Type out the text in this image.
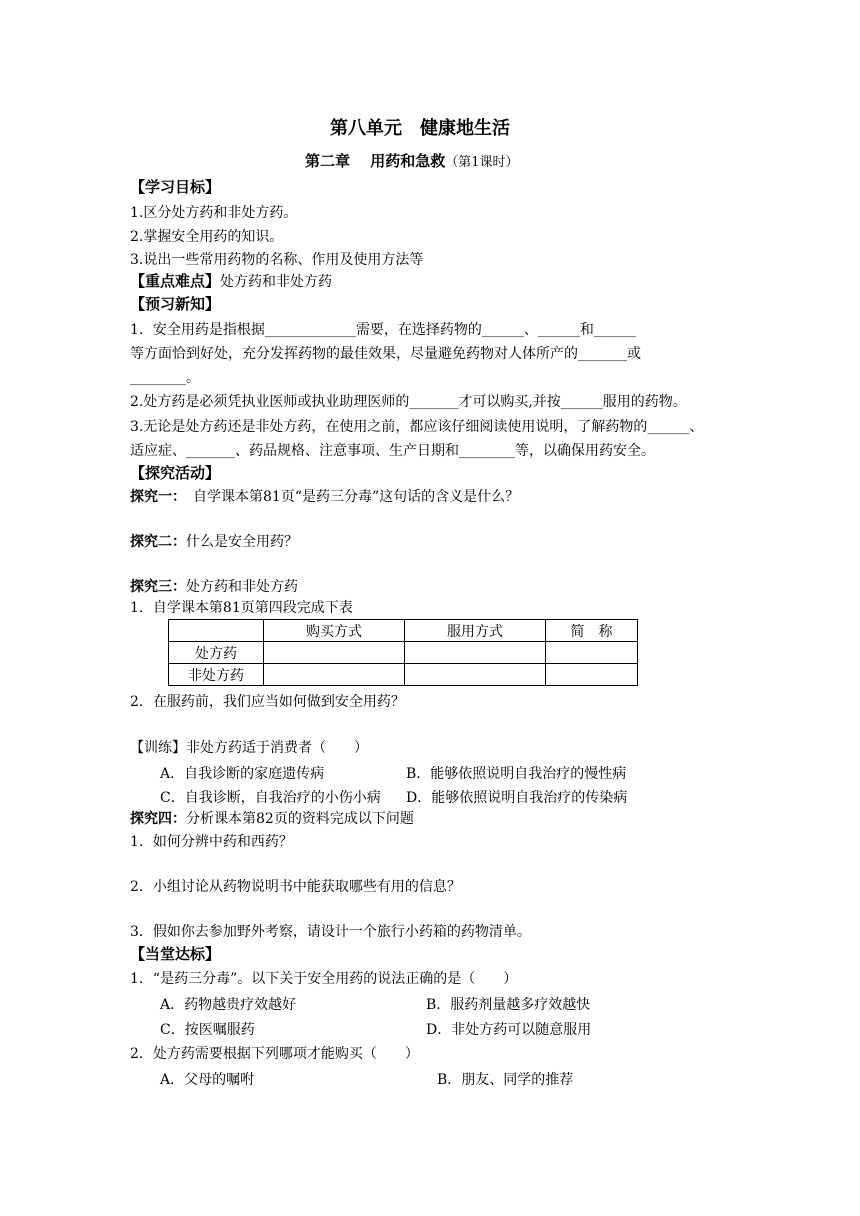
第八单元　健康地生活
第二章　 用药和急救（第1课时）
【学习目标】
1.区分处方药和非处方药。
2.掌握安全用药的知识。
3.说出一些常用药物的名称、作用及使用方法等
【重点难点】处方药和非处方药
【预习新知】
1．安全用药是指根据_____________需要，在选择药物的______、______和______
等方面恰到好处，充分发挥药物的最佳效果，尽量避免药物对人体所产的_______或
________。
2.处方药是必须凭执业医师或执业助理医师的_______才可以购买,并按______服用的药物。
3.无论是处方药还是非处方药，在使用之前，都应该仔细阅读使用说明，了解药物的______、
适应症、_______、药品规格、注意事项、生产日期和________等，以确保用药安全。
【探究活动】
探究一：　自学课本第81页“是药三分毒”这句话的含义是什么？
探究二：什么是安全用药？
探究三：处方药和非处方药
1．自学课本第81页第四段完成下表
	购买方式	服用方式	简　称
处方药			
非处方药			
2．在服药前，我们应当如何做到安全用药？
【训练】非处方药适于消费者（　　）
A．自我诊断的家庭遗传病	B．能够依照说明自我治疗的慢性病
C．自我诊断，自我治疗的小伤小病 D．能够依照说明自我治疗的传染病
探究四：分析课本第82页的资料完成以下问题
1．如何分辨中药和西药？
2．小组讨论从药物说明书中能获取哪些有用的信息？
3．假如你去参加野外考察，请设计一个旅行小药箱的药物清单。
【当堂达标】
1．“是药三分毒”。以下关于安全用药的说法正确的是（　　）
A．药物越贵疗效越好	B．服药剂量越多疗效越快
C．按医嘱服药	D．非处方药可以随意服用
2．处方药需要根据下列哪项才能购买（　　）
A．父母的嘱咐	B．朋友、同学的推荐
